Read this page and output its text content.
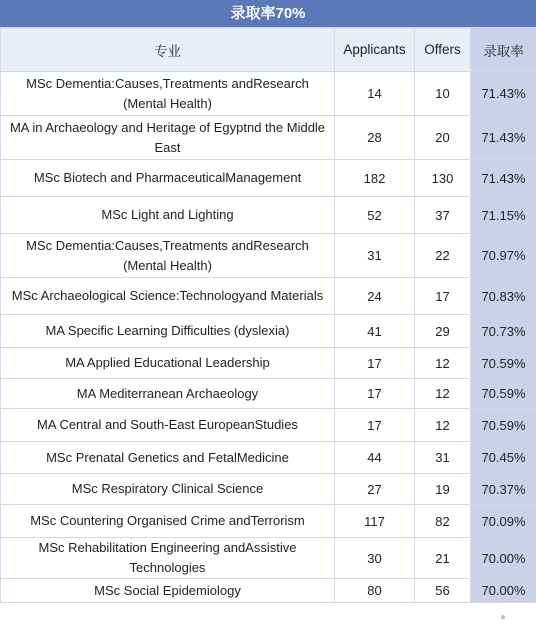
录取率70%
专业	Applicants	Offers	录取率
MSc Dementia:Causes,Treatments andResearch (Mental Health)	14	10	71.43%
MA in Archaeology and Heritage of Egyptnd the Middle East	28	20	71.43%
MSc Biotech and PharmaceuticalManagement	182	130	71.43%
MSc Light and Lighting	52	37	71.15%
MSc Dementia:Causes,Treatments andResearch (Mental Health)	31	22	70.97%
MSc Archaeological Science:Technologyand Materials	24	17	70.83%
MA Specific Learning Difficulties (dyslexia)	41	29	70.73%
MA Applied Educational Leadership	17	12	70.59%
MA Mediterranean Archaeology	17	12	70.59%
MA Central and South-East EuropeanStudies	17	12	70.59%
MSc Prenatal Genetics and FetalMedicine	44	31	70.45%
MSc Respiratory Clinical Science	27	19	70.37%
MSc Countering Organised Crime andTerrorism	117	82	70.09%
MSc Rehabilitation Engineering andAssistive Technologies	30	21	70.00%
MSc Social Epidemiology	80	56	70.00%
●
